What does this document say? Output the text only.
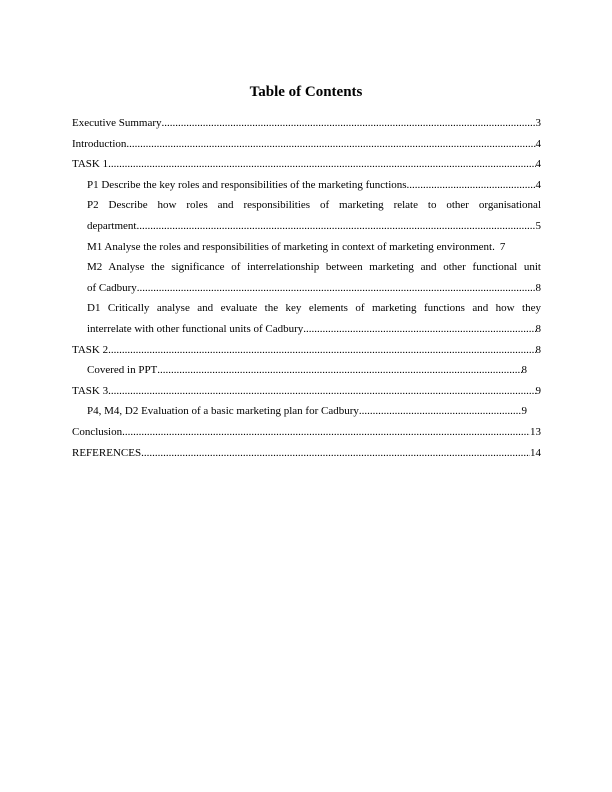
Table of Contents
Executive Summary .....	3
Introduction .....	4
TASK 1 .....	4
P1 Describe the key roles and responsibilities of the marketing functions .....	4
P2 Describe how roles and responsibilities of marketing relate to other organisational
department. .....	5
M1 Analyse the roles and responsibilities of marketing in context of marketing environment. 7
M2 Analyse the significance of interrelationship between marketing and other functional unit
of Cadbury .....	8
D1 Critically analyse and evaluate the key elements of marketing functions and how they
interrelate with other functional units of Cadbury .....	8
TASK 2 .....	8
Covered in PPT .....	8
TASK 3 .....	9
P4, M4, D2 Evaluation of a basic marketing plan for Cadbury .....	9
Conclusion .....	13
REFERENCES .....	14
